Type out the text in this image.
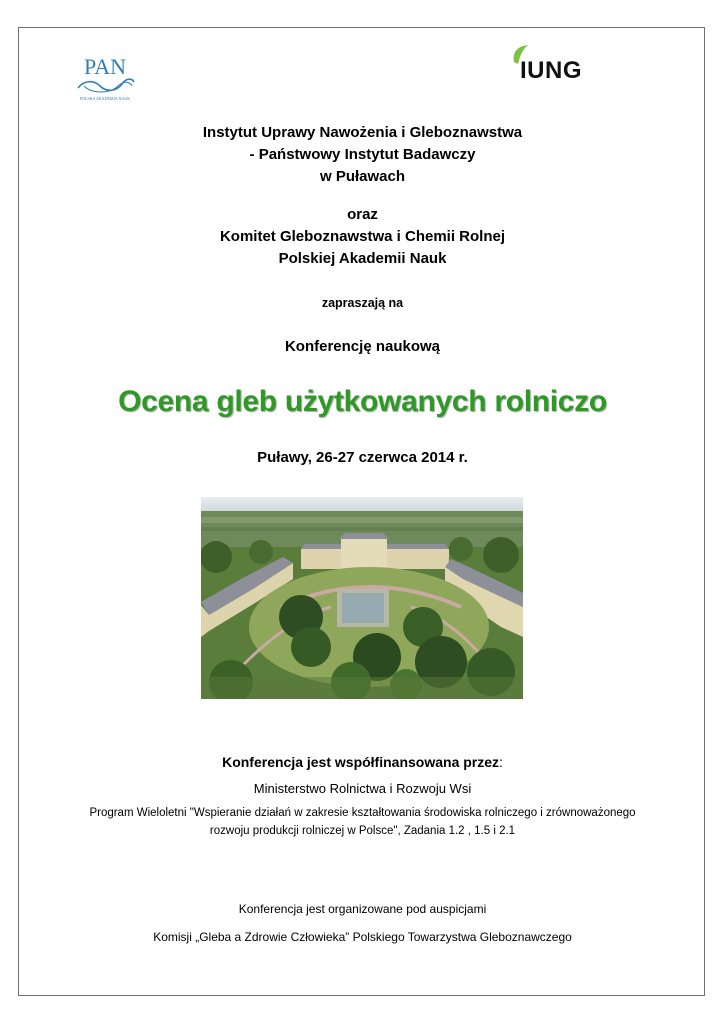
PAN
POLSKA AKADEMIA NAUK
IUNG
Instytut Uprawy Nawożenia i Gleboznawstwa
- Państwowy Instytut Badawczy
w Puławach
oraz
Komitet Gleboznawstwa i Chemii Rolnej
Polskiej Akademii Nauk
zapraszają na
Konferencję naukową
Ocena gleb użytkowanych rolniczo
Puławy, 26-27 czerwca 2014 r.
Konferencja jest współfinansowana przez:
Ministerstwo Rolnictwa i Rozwoju Wsi
Program Wieloletni "Wspieranie działań w zakresie kształtowania środowiska rolniczego i zrównoważonego
rozwoju produkcji rolniczej w Polsce", Zadania 1.2 , 1.5 i 2.1
Konferencja jest organizowane pod auspicjami
Komisji „Gleba a Zdrowie Człowieka” Polskiego Towarzystwa Gleboznawczego
